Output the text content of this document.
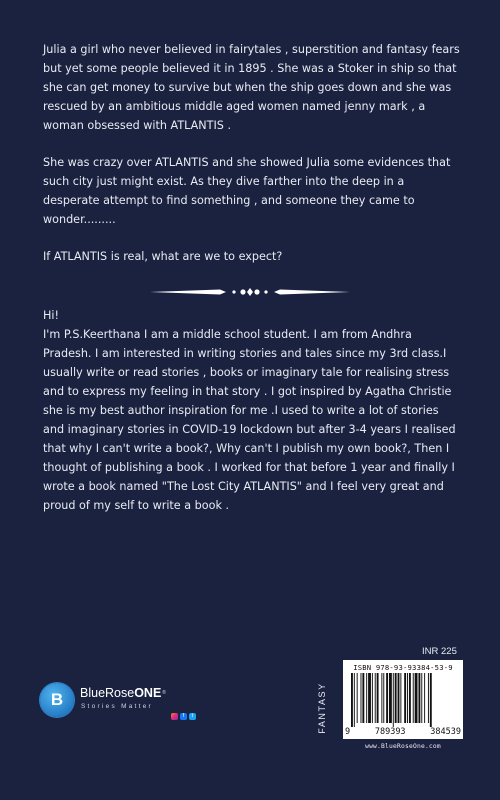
Julia a girl who never believed in fairytales , superstition and fantasy fears but yet some people believed it in 1895 . She was a Stoker in ship so that she can get money to survive but when the ship goes down and she was rescued by an ambitious middle aged women named jenny mark , a woman obsessed with ATLANTIS .

She was crazy over ATLANTIS and she showed Julia some evidences that such city just might exist. As they dive farther into the deep in a desperate attempt to find something , and someone they came to wonder.........

If ATLANTIS is real, what are we to expect?

Hi!

I'm P.S.Keerthana I am a middle school student. I am from Andhra Pradesh. I am interested in writing stories and tales since my 3rd class.I usually write or read stories , books or imaginary tale for realising stress and to express my feeling in that story . I got inspired by Agatha Christie she is my best author inspiration for me .I used to write a lot of stories and imaginary stories in COVID-19 lockdown but after 3-4 years I realised that why I can't write a book?, Why can't I publish my own book?, Then I thought of publishing a book . I worked for that before 1 year and finally I wrote a book named "The Lost City ATLANTIS" and I feel very great and proud of my self to write a book .

INR 225
FANTASY
ISBN 978-93-93384-53-9
9	789393	384539
www.BlueRoseOne.com
B BlueRose ONE ®
Stories Matter
f	t
